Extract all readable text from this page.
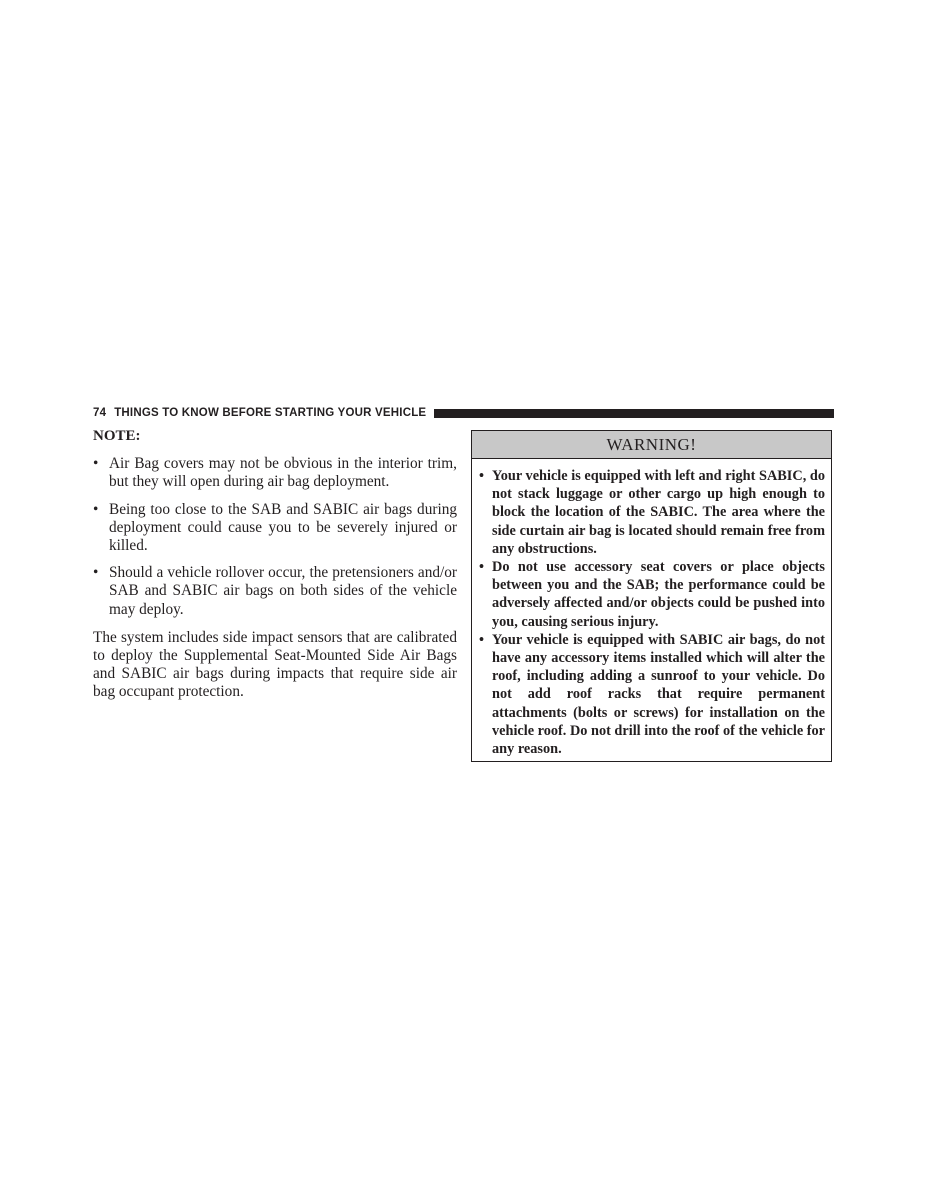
74 THINGS TO KNOW BEFORE STARTING YOUR VEHICLE
NOTE:
• Air Bag covers may not be obvious in the interior trim, but they will open during air bag deployment.
• Being too close to the SAB and SABIC air bags during deployment could cause you to be severely injured or killed.
• Should a vehicle rollover occur, the pretensioners and/or SAB and SABIC air bags on both sides of the vehicle may deploy.
The system includes side impact sensors that are calibrated to deploy the Supplemental Seat-Mounted Side Air Bags and SABIC air bags during impacts that require side air bag occupant protection.
WARNING!
• Your vehicle is equipped with left and right SABIC, do not stack luggage or other cargo up high enough to block the location of the SABIC. The area where the side curtain air bag is located should remain free from any obstructions.
• Do not use accessory seat covers or place objects between you and the SAB; the performance could be adversely affected and/or objects could be pushed into you, causing serious injury.
• Your vehicle is equipped with SABIC air bags, do not have any accessory items installed which will alter the roof, including adding a sunroof to your vehicle. Do not add roof racks that require permanent attachments (bolts or screws) for installation on the vehicle roof. Do not drill into the roof of the vehicle for any reason.
